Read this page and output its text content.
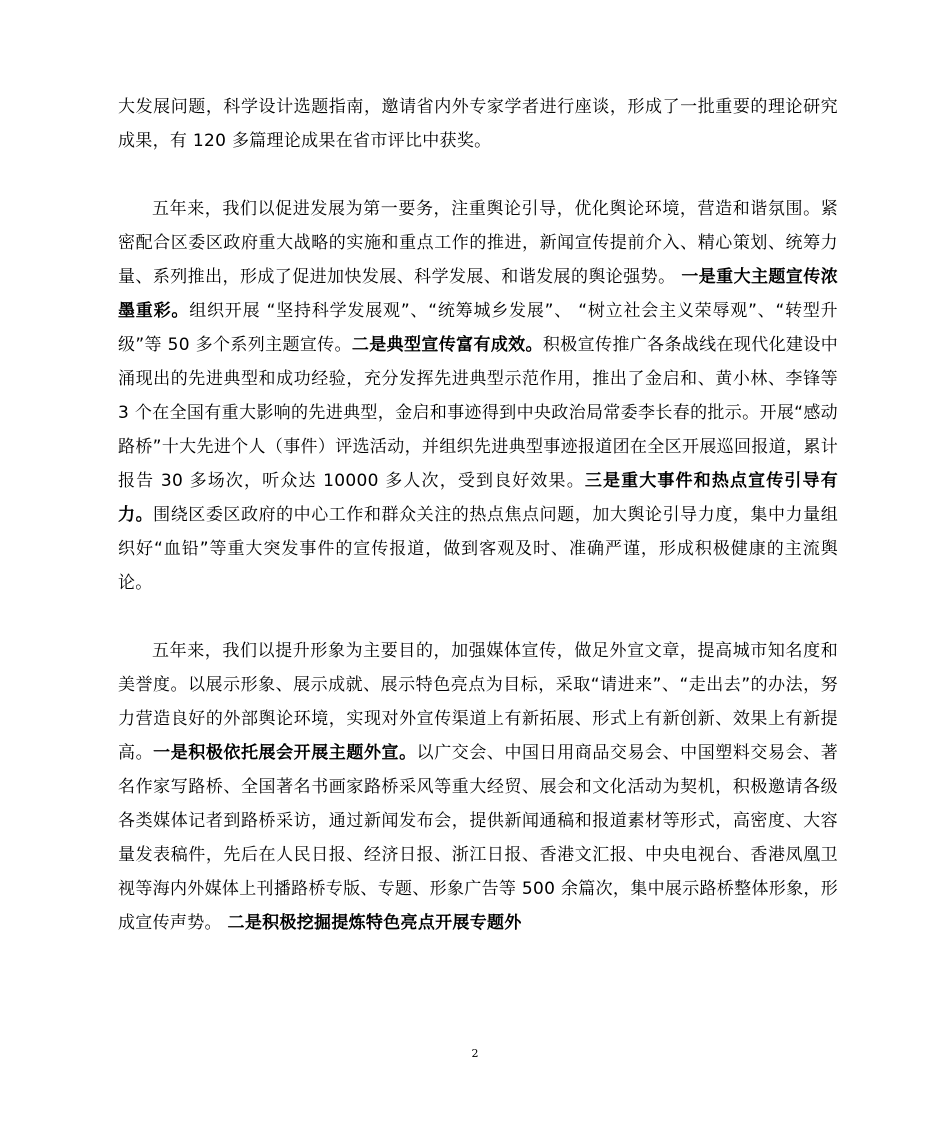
大发展问题，科学设计选题指南，邀请省内外专家学者进行座谈，形成了一批重要的理论研究成果，有 120 多篇理论成果在省市评比中获奖。

五年来，我们以促进发展为第一要务，注重舆论引导，优化舆论环境，营造和谐氛围。紧密配合区委区政府重大战略的实施和重点工作的推进，新闻宣传提前介入、精心策划、统筹力量、系列推出，形成了促进加快发展、科学发展、和谐发展的舆论强势。 一是重大主题宣传浓墨重彩。组织开展 “坚持科学发展观”、“统筹城乡发展”、 “树立社会主义荣辱观”、“转型升级”等 50 多个系列主题宣传。二是典型宣传富有成效。积极宣传推广各条战线在现代化建设中涌现出的先进典型和成功经验，充分发挥先进典型示范作用，推出了金启和、黄小林、李锋等 3 个在全国有重大影响的先进典型，金启和事迹得到中央政治局常委李长春的批示。开展“感动路桥”十大先进个人（事件）评选活动，并组织先进典型事迹报道团在全区开展巡回报道，累计报告 30 多场次，听众达 10000 多人次，受到良好效果。三是重大事件和热点宣传引导有力。围绕区委区政府的中心工作和群众关注的热点焦点问题，加大舆论引导力度，集中力量组织好“血铅”等重大突发事件的宣传报道，做到客观及时、准确严谨，形成积极健康的主流舆论。

五年来，我们以提升形象为主要目的，加强媒体宣传，做足外宣文章，提高城市知名度和美誉度。以展示形象、展示成就、展示特色亮点为目标，采取“请进来”、“走出去”的办法，努力营造良好的外部舆论环境，实现对外宣传渠道上有新拓展、形式上有新创新、效果上有新提高。一是积极依托展会开展主题外宣。以广交会、中国日用商品交易会、中国塑料交易会、著名作家写路桥、全国著名书画家路桥采风等重大经贸、展会和文化活动为契机，积极邀请各级各类媒体记者到路桥采访，通过新闻发布会，提供新闻通稿和报道素材等形式，高密度、大容量发表稿件，先后在人民日报、经济日报、浙江日报、香港文汇报、中央电视台、香港凤凰卫视等海内外媒体上刊播路桥专版、专题、形象广告等 500 余篇次，集中展示路桥整体形象，形成宣传声势。 二是积极挖掘提炼特色亮点开展专题外

2
